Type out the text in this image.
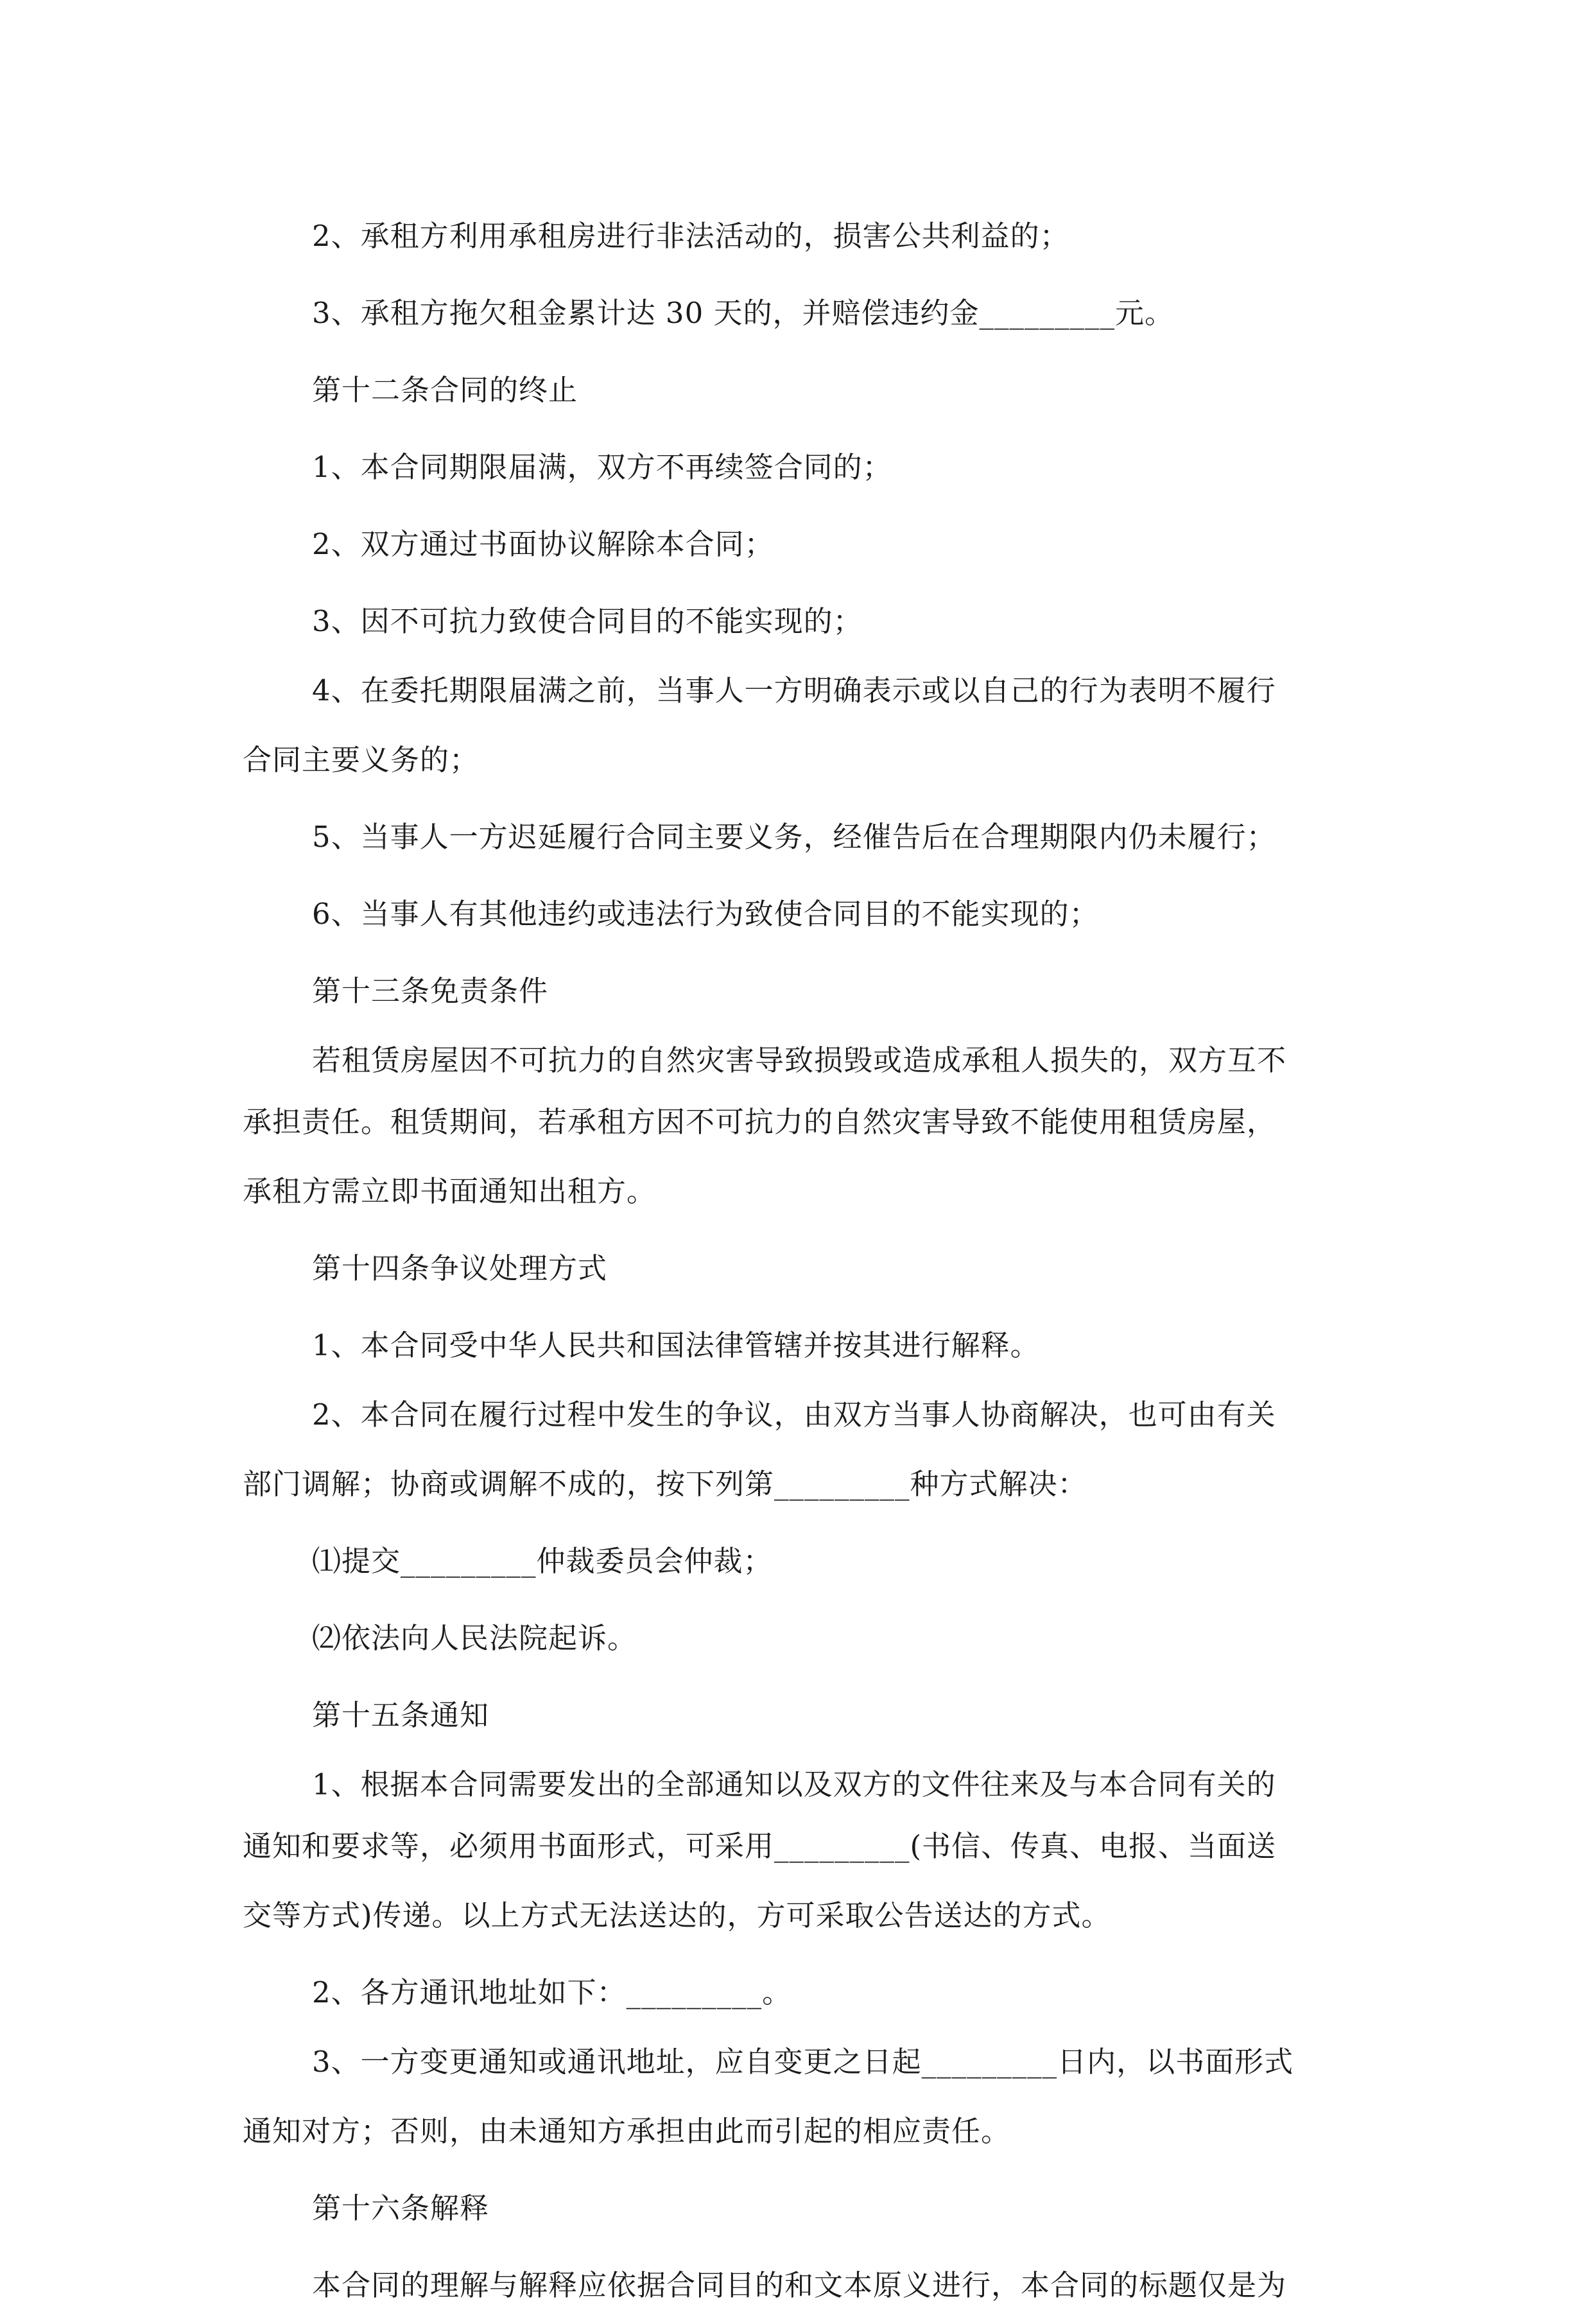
2、承租方利用承租房进行非法活动的，损害公共利益的；
3、承租方拖欠租金累计达 30 天的，并赔偿违约金_________元。
第十二条合同的终止
1、本合同期限届满，双方不再续签合同的；
2、双方通过书面协议解除本合同；
3、因不可抗力致使合同目的不能实现的；
4、在委托期限届满之前，当事人一方明确表示或以自己的行为表明不履行
合同主要义务的；
5、当事人一方迟延履行合同主要义务，经催告后在合理期限内仍未履行；
6、当事人有其他违约或违法行为致使合同目的不能实现的；
第十三条免责条件
若租赁房屋因不可抗力的自然灾害导致损毁或造成承租人损失的，双方互不
承担责任。租赁期间，若承租方因不可抗力的自然灾害导致不能使用租赁房屋，
承租方需立即书面通知出租方。
第十四条争议处理方式
1、本合同受中华人民共和国法律管辖并按其进行解释。
2、本合同在履行过程中发生的争议，由双方当事人协商解决，也可由有关
部门调解；协商或调解不成的，按下列第_________种方式解决：
⑴提交_________仲裁委员会仲裁；
⑵依法向人民法院起诉。
第十五条通知
1、根据本合同需要发出的全部通知以及双方的文件往来及与本合同有关的
通知和要求等，必须用书面形式，可采用_________(书信、传真、电报、当面送
交等方式)传递。以上方式无法送达的，方可采取公告送达的方式。
2、各方通讯地址如下：_________。
3、一方变更通知或通讯地址，应自变更之日起_________日内，以书面形式
通知对方；否则，由未通知方承担由此而引起的相应责任。
第十六条解释
本合同的理解与解释应依据合同目的和文本原义进行，本合同的标题仅是为
